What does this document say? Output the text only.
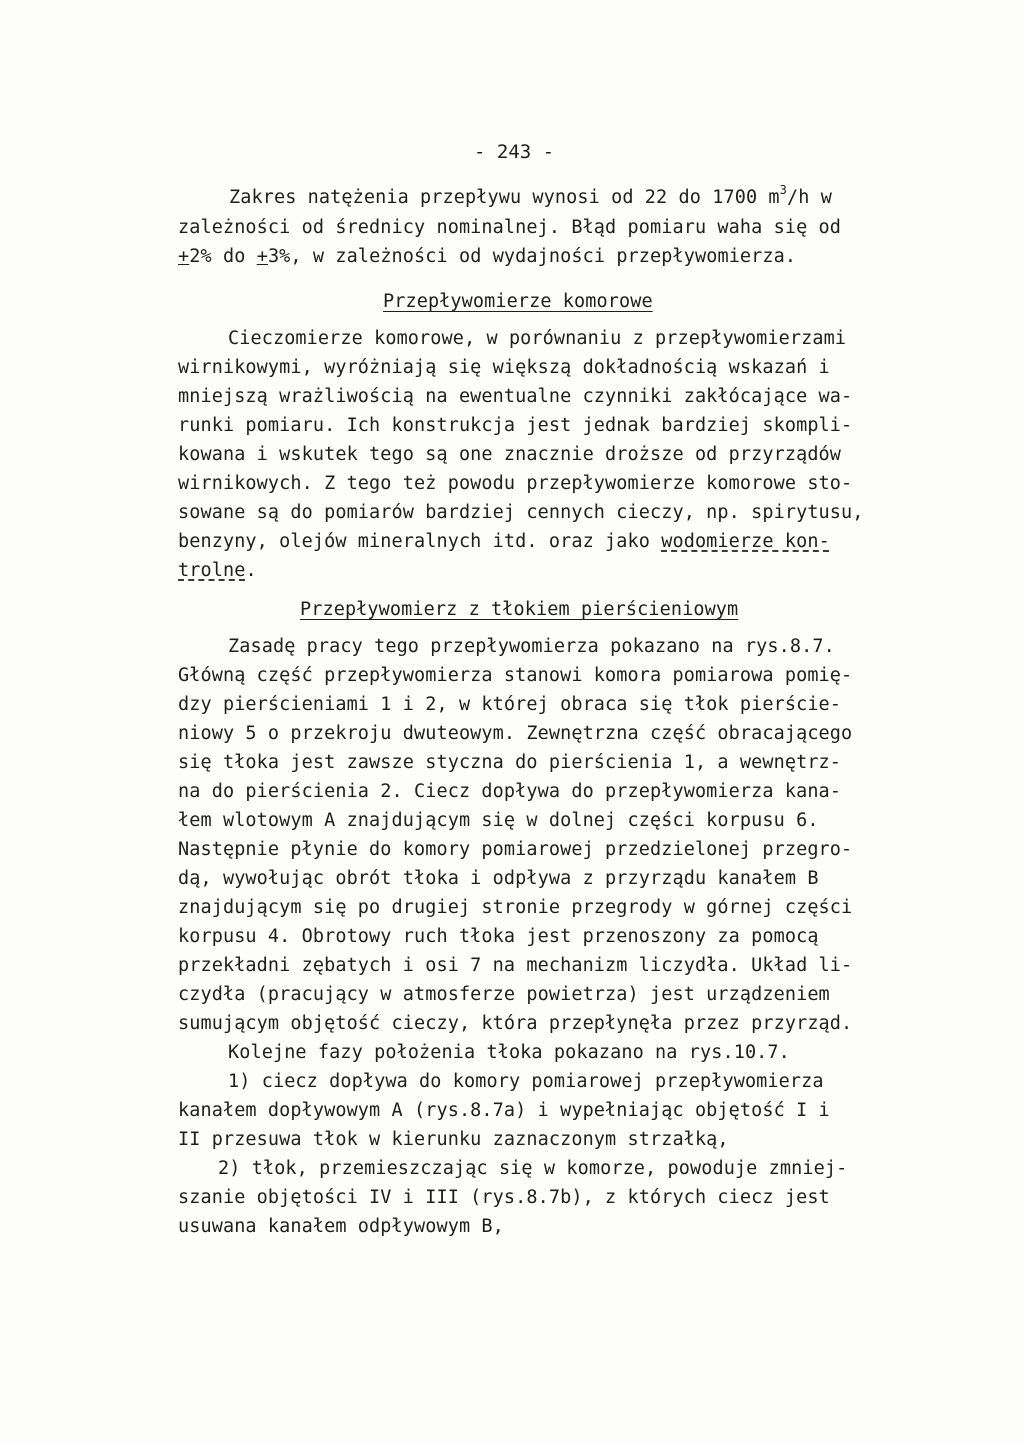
- 243 -
Zakres natężenia przepływu wynosi od 22 do 1700 $m^3/h$ w
zależności od średnicy nominalnej. Błąd pomiaru waha się od
+2% do +3%, w zależności od wydajności przepływomierza.
Przepływomierze komorowe
Cieczomierze komorowe, w porównaniu z przepływomierzami
wirnikowymi, wyróżniają się większą dokładnością wskazań i
mniejszą wrażliwością na ewentualne czynniki zakłócające wa-
runki pomiaru. Ich konstrukcja jest jednak bardziej skompli-
kowana i wskutek tego są one znacznie droższe od przyrządów
wirnikowych. Z tego też powodu przepływomierze komorowe sto-
sowane są do pomiarów bardziej cennych cieczy, np. spirytusu,
benzyny, olejów mineralnych itd. oraz jako wodomierze kon-
trolne.
Przepływomierz z tłokiem pierścieniowym
Zasadę pracy tego przepływomierza pokazano na rys.8.7.
Główną część przepływomierza stanowi komora pomiarowa pomię-
dzy pierścieniami 1 i 2, w której obraca się tłok pierście-
niowy 5 o przekroju dwuteowym. Zewnętrzna część obracającego
się tłoka jest zawsze styczna do pierścienia 1, a wewnętrz-
na do pierścienia 2. Ciecz dopływa do przepływomierza kana-
łem wlotowym A znajdującym się w dolnej części korpusu 6.
Następnie płynie do komory pomiarowej przedzielonej przegro-
dą, wywołując obrót tłoka i odpływa z przyrządu kanałem B
znajdującym się po drugiej stronie przegrody w górnej części
korpusu 4. Obrotowy ruch tłoka jest przenoszony za pomocą
przekładni zębatych i osi 7 na mechanizm liczydła. Układ li-
czydła (pracujący w atmosferze powietrza) jest urządzeniem
sumującym objętość cieczy, która przepłynęła przez przyrząd.
Kolejne fazy położenia tłoka pokazano na rys.10.7.
1) ciecz dopływa do komory pomiarowej przepływomierza
kanałem dopływowym A (rys.8.7a) i wypełniając objętość I i
II przesuwa tłok w kierunku zaznaczonym strzałką,
2) tłok, przemieszczając się w komorze, powoduje zmniej-
szanie objętości IV i III (rys.8.7b), z których ciecz jest
usuwana kanałem odpływowym B,
